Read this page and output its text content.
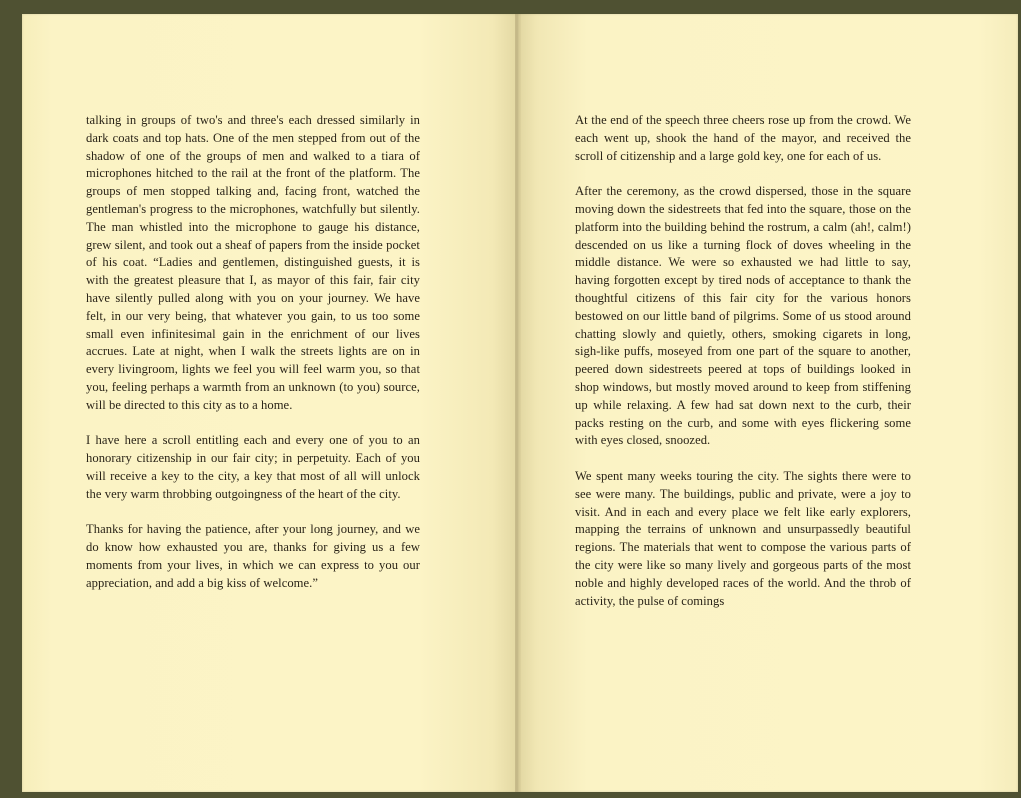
talking in groups of two's and three's each dressed similarly in dark coats and top hats. One of the men stepped from out of the shadow of one of the groups of men and walked to a tiara of microphones hitched to the rail at the front of the platform. The groups of men stopped talking and, facing front, watched the gentleman's progress to the microphones, watchfully but silently. The man whistled into the microphone to gauge his distance, grew silent, and took out a sheaf of papers from the inside pocket of his coat. “Ladies and gentlemen, distinguished guests, it is with the greatest pleasure that I, as mayor of this fair, fair city have silently pulled along with you on your journey. We have felt, in our very being, that whatever you gain, to us too some small even infinitesimal gain in the enrichment of our lives accrues. Late at night, when I walk the streets lights are on in every livingroom, lights we feel you will feel warm you, so that you, feeling perhaps a warmth from an unknown (to you) source, will be directed to this city as to a home.

I have here a scroll entitling each and every one of you to an honorary citizenship in our fair city; in perpetuity. Each of you will receive a key to the city, a key that most of all will unlock the very warm throbbing outgoingness of the heart of the city.

Thanks for having the patience, after your long journey, and we do know how exhausted you are, thanks for giving us a few moments from your lives, in which we can express to you our appreciation, and add a big kiss of welcome.”

At the end of the speech three cheers rose up from the crowd. We each went up, shook the hand of the mayor, and received the scroll of citizenship and a large gold key, one for each of us.

After the ceremony, as the crowd dispersed, those in the square moving down the sidestreets that fed into the square, those on the platform into the building behind the rostrum, a calm (ah!, calm!) descended on us like a turning flock of doves wheeling in the middle distance. We were so exhausted we had little to say, having forgotten except by tired nods of acceptance to thank the thoughtful citizens of this fair city for the various honors bestowed on our little band of pilgrims. Some of us stood around chatting slowly and quietly, others, smoking cigarets in long, sigh-like puffs, moseyed from one part of the square to another, peered down sidestreets peered at tops of buildings looked in shop windows, but mostly moved around to keep from stiffening up while relaxing. A few had sat down next to the curb, their packs resting on the curb, and some with eyes flickering some with eyes closed, snoozed.

We spent many weeks touring the city. The sights there were to see were many. The buildings, public and private, were a joy to visit. And in each and every place we felt like early explorers, mapping the terrains of unknown and unsurpassedly beautiful regions. The materials that went to compose the various parts of the city were like so many lively and gorgeous parts of the most noble and highly developed races of the world. And the throb of activity, the pulse of comings
